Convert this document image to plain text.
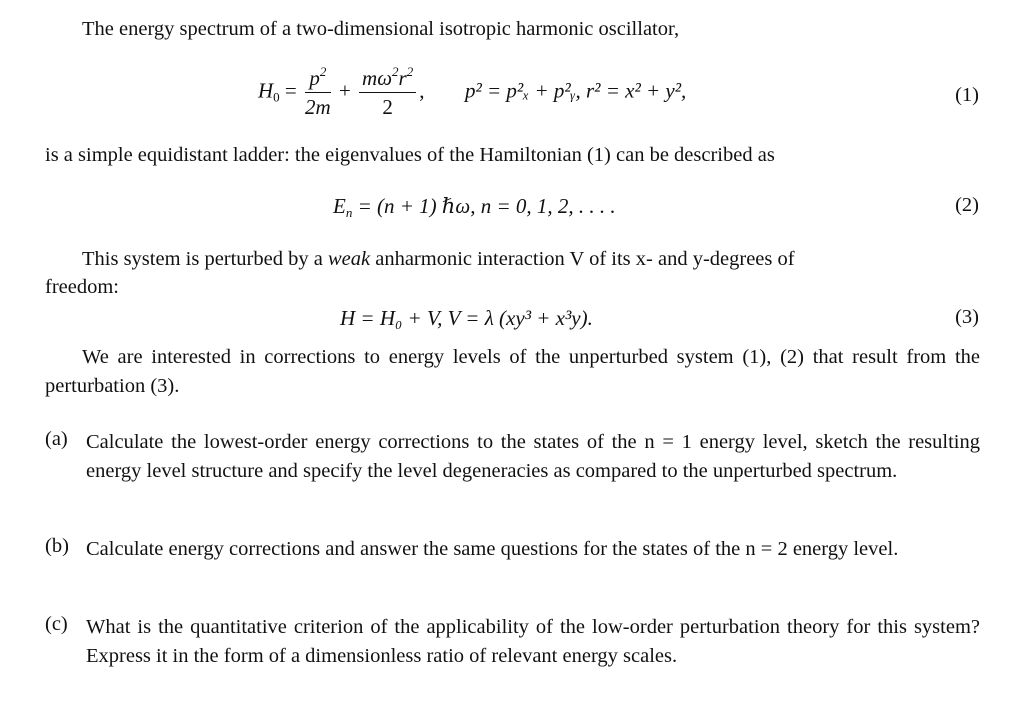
The energy spectrum of a two-dimensional isotropic harmonic oscillator,
$H_0 = \frac{p^2}{2m} + \frac{m\omega^2r^2}{2}$ ,  p² = p²ₓ + p²ᵧ, r² = x² + y²,	(1)
is a simple equidistant ladder: the eigenvalues of the Hamiltonian (1) can be described as
$E_n = (n + 1)$ ℏω, n = 0, 1, 2, . . . .	(2)
This system is perturbed by a weak anharmonic interaction V of its x- and y-degrees of
freedom:
H = H₀ + V, V = λ (xy³ + x³y).	(3)
We are interested in corrections to energy levels of the unperturbed system (1), (2) that result from the perturbation (3).
(a) Calculate the lowest-order energy corrections to the states of the n = 1 energy level, sketch the resulting energy level structure and specify the level degeneracies as compared to the unperturbed spectrum.
(b) Calculate energy corrections and answer the same questions for the states of the n = 2 energy level.
(c) What is the quantitative criterion of the applicability of the low-order perturbation theory for this system? Express it in the form of a dimensionless ratio of relevant energy scales.
